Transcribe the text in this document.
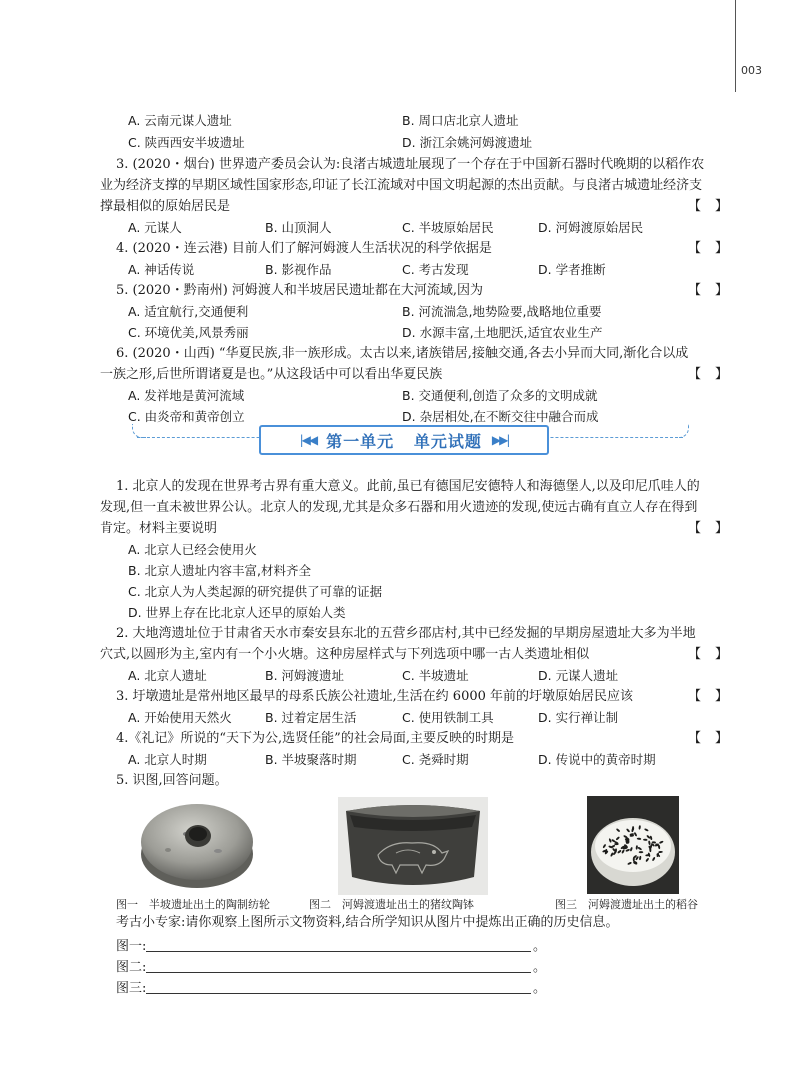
003
A. 云南元谋人遗址	B. 周口店北京人遗址
C. 陕西西安半坡遗址	D. 浙江余姚河姆渡遗址
3. (2020・烟台) 世界遗产委员会认为:良渚古城遗址展现了一个存在于中国新石器时代晚期的以稻作农
业为经济支撑的早期区域性国家形态,印证了长江流域对中国文明起源的杰出贡献。与良渚古城遗址经济支
撑最相似的原始居民是	【 】
A. 元谋人	B. 山顶洞人	C. 半坡原始居民	D. 河姆渡原始居民
4. (2020・连云港) 目前人们了解河姆渡人生活状况的科学依据是	【 】
A. 神话传说	B. 影视作品	C. 考古发现	D. 学者推断
5. (2020・黔南州) 河姆渡人和半坡居民遗址都在大河流域,因为	【 】
A. 适宜航行,交通便利	B. 河流湍急,地势险要,战略地位重要
C. 环境优美,风景秀丽	D. 水源丰富,土地肥沃,适宜农业生产
6. (2020・山西) “华夏民族,非一族形成。太古以来,诸族错居,接触交通,各去小异而大同,渐化合以成
一族之形,后世所谓诸夏是也。”从这段话中可以看出华夏民族	【 】
A. 发祥地是黄河流域	B. 交通便利,创造了众多的文明成就
C. 由炎帝和黄帝创立	D. 杂居相处,在不断交往中融合而成
|◀◀ 第一单元   单元试题 ▶▶|
1. 北京人的发现在世界考古界有重大意义。此前,虽已有德国尼安德特人和海德堡人,以及印尼爪哇人的
发现,但一直未被世界公认。北京人的发现,尤其是众多石器和用火遗迹的发现,使远古确有直立人存在得到
肯定。材料主要说明	【 】
A. 北京人已经会使用火
B. 北京人遗址内容丰富,材料齐全
C. 北京人为人类起源的研究提供了可靠的证据
D. 世界上存在比北京人还早的原始人类
2. 大地湾遗址位于甘肃省天水市秦安县东北的五营乡邵店村,其中已经发掘的早期房屋遗址大多为半地
穴式,以圆形为主,室内有一个小火塘。这种房屋样式与下列选项中哪一古人类遗址相似	【 】
A. 北京人遗址	B. 河姆渡遗址	C. 半坡遗址	D. 元谋人遗址
3. 圩墩遗址是常州地区最早的母系氏族公社遗址,生活在约 6000 年前的圩墩原始居民应该	【 】
A. 开始使用天然火	B. 过着定居生活	C. 使用铁制工具	D. 实行禅让制
4.《礼记》所说的“天下为公,选贤任能”的社会局面,主要反映的时期是	【 】
A. 北京人时期	B. 半坡聚落时期	C. 尧舜时期	D. 传说中的黄帝时期
5. 识图,回答问题。
图一　半坡遗址出土的陶制纺轮	图二　河姆渡遗址出土的猪纹陶钵	图三　河姆渡遗址出土的稻谷
考古小专家:请你观察上图所示文物资料,结合所学知识从图片中提炼出正确的历史信息。
图一:	。
图二:	。
图三:	。
